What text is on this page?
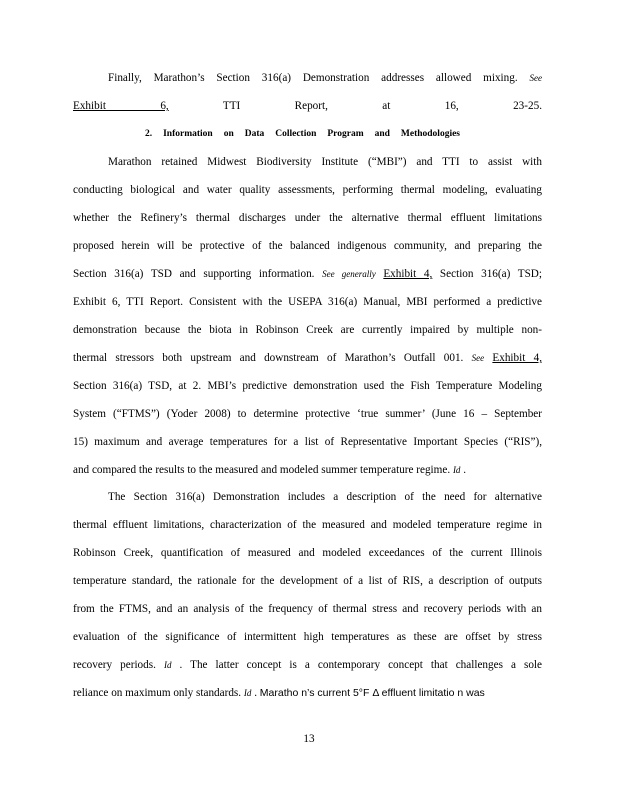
Finally, Marathon’s Section 316(a) Demonstration addresses allowed mixing. See
Exhibit 6, TTI Report, at 16, 23-25.
2. Information on Data Collection Program and Methodologies
Marathon retained Midwest Biodiversity Institute (“MBI”) and TTI to assist with
conducting biological and water quality assessments, performing thermal modeling, evaluating
whether the Refinery’s thermal discharges under the alternative thermal effluent limitations
proposed herein will be protective of the balanced indigenous community, and preparing the
Section 316(a) TSD and supporting information. See generally Exhibit 4, Section 316(a) TSD;
Exhibit 6, TTI Report. Consistent with the USEPA 316(a) Manual, MBI performed a predictive
demonstration because the biota in Robinson Creek are currently impaired by multiple non-
thermal stressors both upstream and downstream of Marathon’s Outfall 001. See Exhibit 4,
Section 316(a) TSD, at 2. MBI’s predictive demonstration used the Fish Temperature Modeling
System (“FTMS”) (Yoder 2008) to determine protective ‘true summer’ (June 16 – September
15) maximum and average temperatures for a list of Representative Important Species (“RIS”),
and compared the results to the measured and modeled summer temperature regime. Id .
The Section 316(a) Demonstration includes a description of the need for alternative
thermal effluent limitations, characterization of the measured and modeled temperature regime in
Robinson Creek, quantification of measured and modeled exceedances of the current Illinois
temperature standard, the rationale for the development of a list of RIS, a description of outputs
from the FTMS, and an analysis of the frequency of thermal stress and recovery periods with an
evaluation of the significance of intermittent high temperatures as these are offset by stress
recovery periods. Id . The latter concept is a contemporary concept that challenges a sole
reliance on maximum only standards. Id . Maratho n’s current 5°F Δ effluent limitatio n was
13
